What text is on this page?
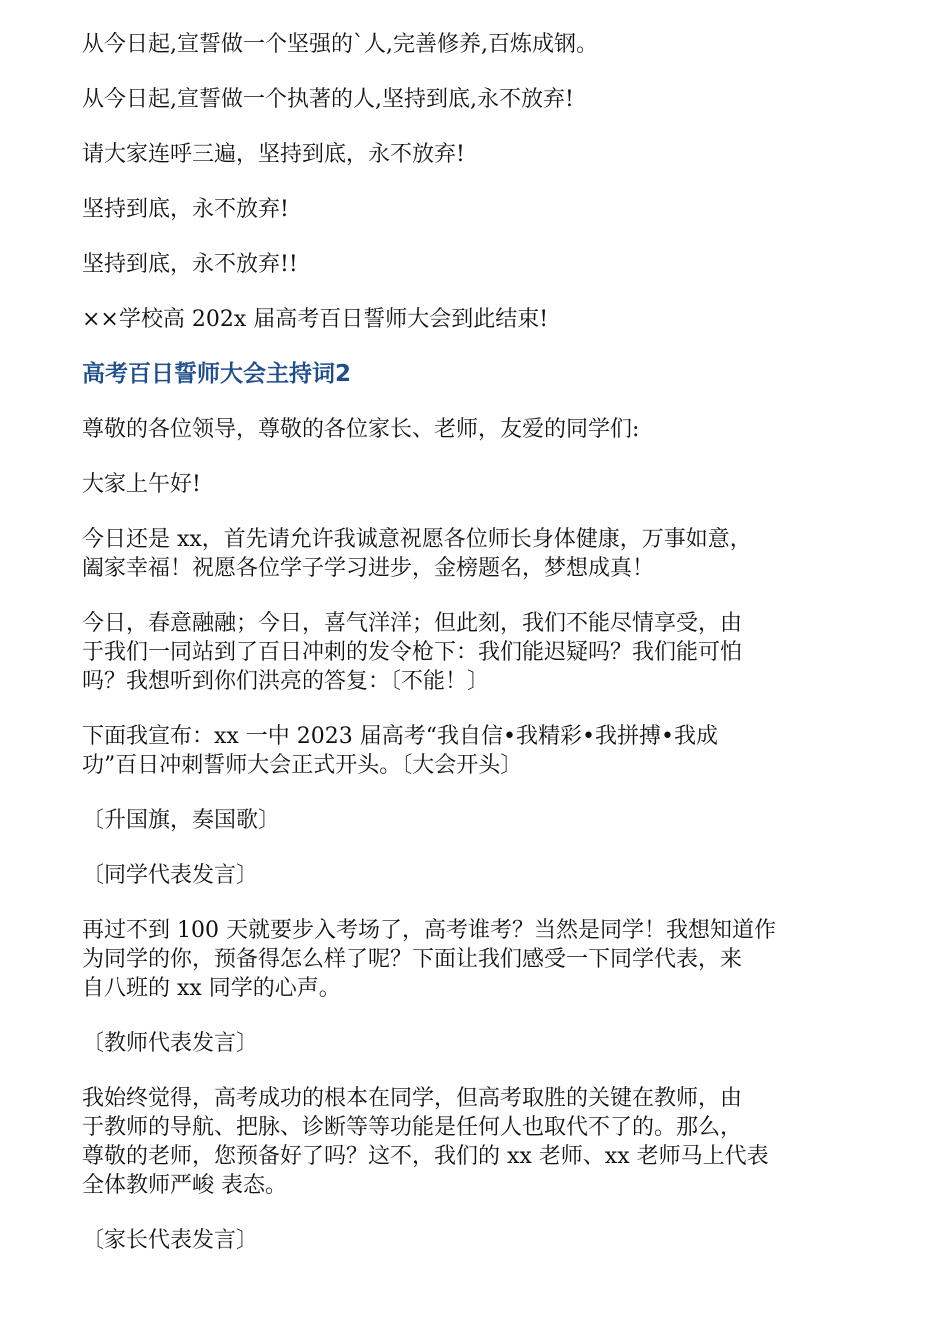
从今日起,宣誓做一个坚强的`人,完善修养,百炼成钢。

从今日起,宣誓做一个执著的人,坚持到底,永不放弃!

请大家连呼三遍，坚持到底，永不放弃!

坚持到底，永不放弃!

坚持到底，永不放弃!!

××学校高 202x 届高考百日誓师大会到此结束!

高考百日誓师大会主持词2

尊敬的各位领导，尊敬的各位家长、老师，友爱的同学们:

大家上午好!

今日还是 xx，首先请允许我诚意祝愿各位师长身体健康，万事如意，
阖家幸福！祝愿各位学子学习进步，金榜题名，梦想成真！

今日，春意融融；今日，喜气洋洋；但此刻，我们不能尽情享受，由
于我们一同站到了百日冲刺的发令枪下：我们能迟疑吗？我们能可怕
吗？我想听到你们洪亮的答复：〔不能！〕

下面我宣布：xx 一中 2023 届高考“我自信•我精彩•我拼搏•我成
功”百日冲刺誓师大会正式开头。〔大会开头〕

〔升国旗，奏国歌〕

〔同学代表发言〕

再过不到 100 天就要步入考场了，高考谁考？当然是同学！我想知道作
为同学的你，预备得怎么样了呢？下面让我们感受一下同学代表，来
自八班的 xx 同学的心声。

〔教师代表发言〕

我始终觉得，高考成功的根本在同学，但高考取胜的关键在教师，由
于教师的导航、把脉、诊断等等功能是任何人也取代不了的。那么，
尊敬的老师，您预备好了吗？这不，我们的 xx 老师、xx 老师马上代表
全体教师严峻 表态。

〔家长代表发言〕
